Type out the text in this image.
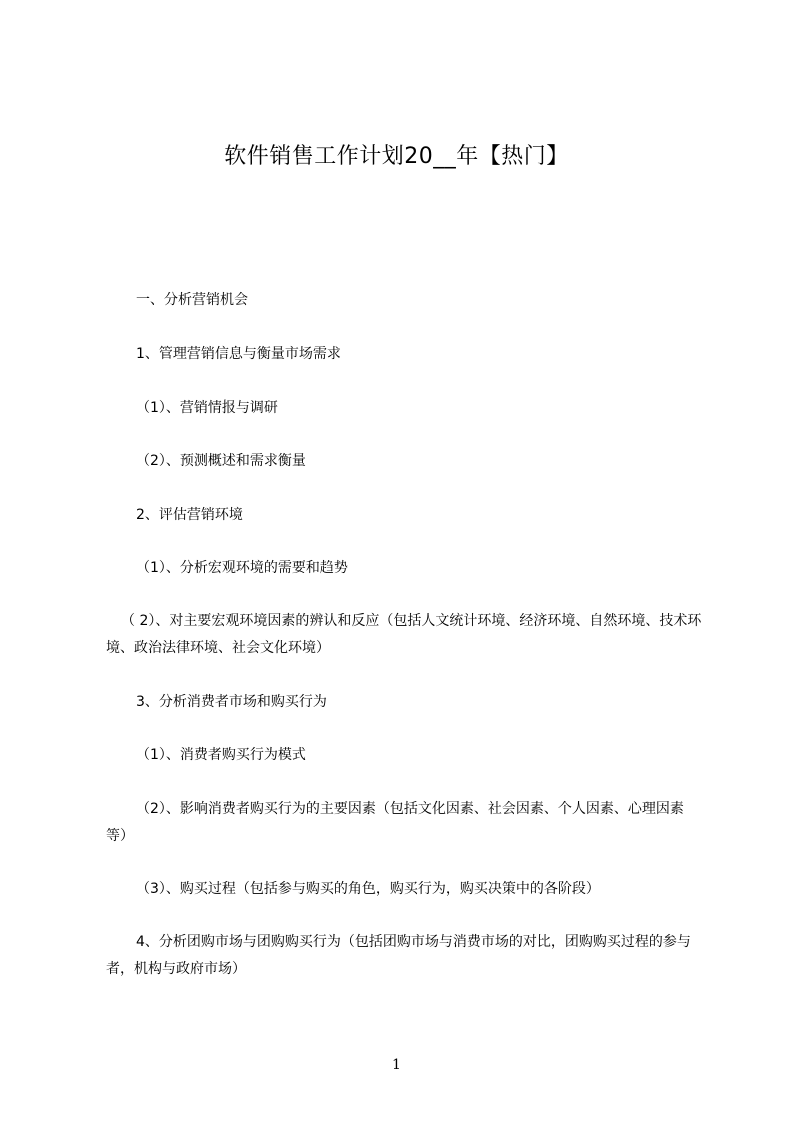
软件销售工作计划20__年【热门】

一、分析营销机会

1、管理营销信息与衡量市场需求

（1）、营销情报与调研

（2）、预测概述和需求衡量

2、评估营销环境

（1）、分析宏观环境的需要和趋势

（ 2）、对主要宏观环境因素的辨认和反应（包括人文统计环境、经济环境、自然环境、技术环境、政治法律环境、社会文化环境）

3、分析消费者市场和购买行为

（1）、消费者购买行为模式

（2）、影响消费者购买行为的主要因素（包括文化因素、社会因素、个人因素、心理因素等）

（3）、购买过程（包括参与购买的角色，购买行为，购买决策中的各阶段）

4、分析团购市场与团购购买行为（包括团购市场与消费市场的对比，团购购买过程的参与者，机构与政府市场）

1
